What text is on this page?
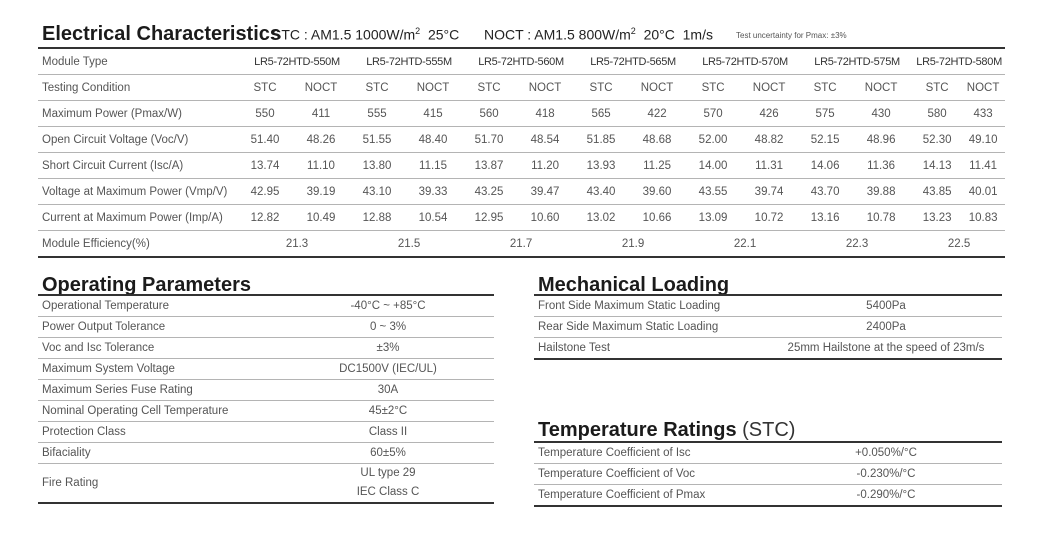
Electrical Characteristics
STC : AM1.5 $1000W/m^2$  25°C NOCT : AM1.5 $800W/m^2$  20°C  1m/s	Test uncertainty for Pmax: ±3%
Module Type	LR5-72HTD-550M		LR5-72HTD-555M		LR5-72HTD-560M		LR5-72HTD-565M		LR5-72HTD-570M		LR5-72HTD-575M		LR5-72HTD-580M	
Testing Condition	STC	NOCT	STC	NOCT	STC	NOCT	STC	NOCT	STC	NOCT	STC	NOCT	STC	NOCT
Maximum Power (Pmax/W)	550	411	555	415	560	418	565	422	570	426	575	430	580	433
Open Circuit Voltage (Voc/V)	51.40	48.26	51.55	48.40	51.70	48.54	51.85	48.68	52.00	48.82	52.15	48.96	52.30	49.10
Short Circuit Current (Isc/A)	13.74	11.10	13.80	11.15	13.87	11.20	13.93	11.25	14.00	11.31	14.06	11.36	14.13	11.41
Voltage at Maximum Power (Vmp/V)	42.95	39.19	43.10	39.33	43.25	39.47	43.40	39.60	43.55	39.74	43.70	39.88	43.85	40.01
Current at Maximum Power (Imp/A)	12.82	10.49	12.88	10.54	12.95	10.60	13.02	10.66	13.09	10.72	13.16	10.78	13.23	10.83
Module Efficiency(%)	21.3		21.5		21.7		21.9		22.1		22.3		22.5	
Operating Parameters
Operational Temperature	-40°C ~ +85°C
Power Output Tolerance	0 ~ 3%
Voc and Isc Tolerance	±3%
Maximum System Voltage	DC1500V (IEC/UL)
Maximum Series Fuse Rating	30A
Nominal Operating Cell Temperature	45±2°C
Protection Class	Class II
Bifaciality	60±5%
Fire Rating	UL type 29
IEC Class C
Mechanical Loading
Front Side Maximum Static Loading	5400Pa
Rear Side Maximum Static Loading	2400Pa
Hailstone Test	25mm Hailstone at the speed of 23m/s
Temperature Ratings (STC)
Temperature Coefficient of Isc	+0.050%/°C
Temperature Coefficient of Voc	-0.230%/°C
Temperature Coefficient of Pmax	-0.290%/°C
